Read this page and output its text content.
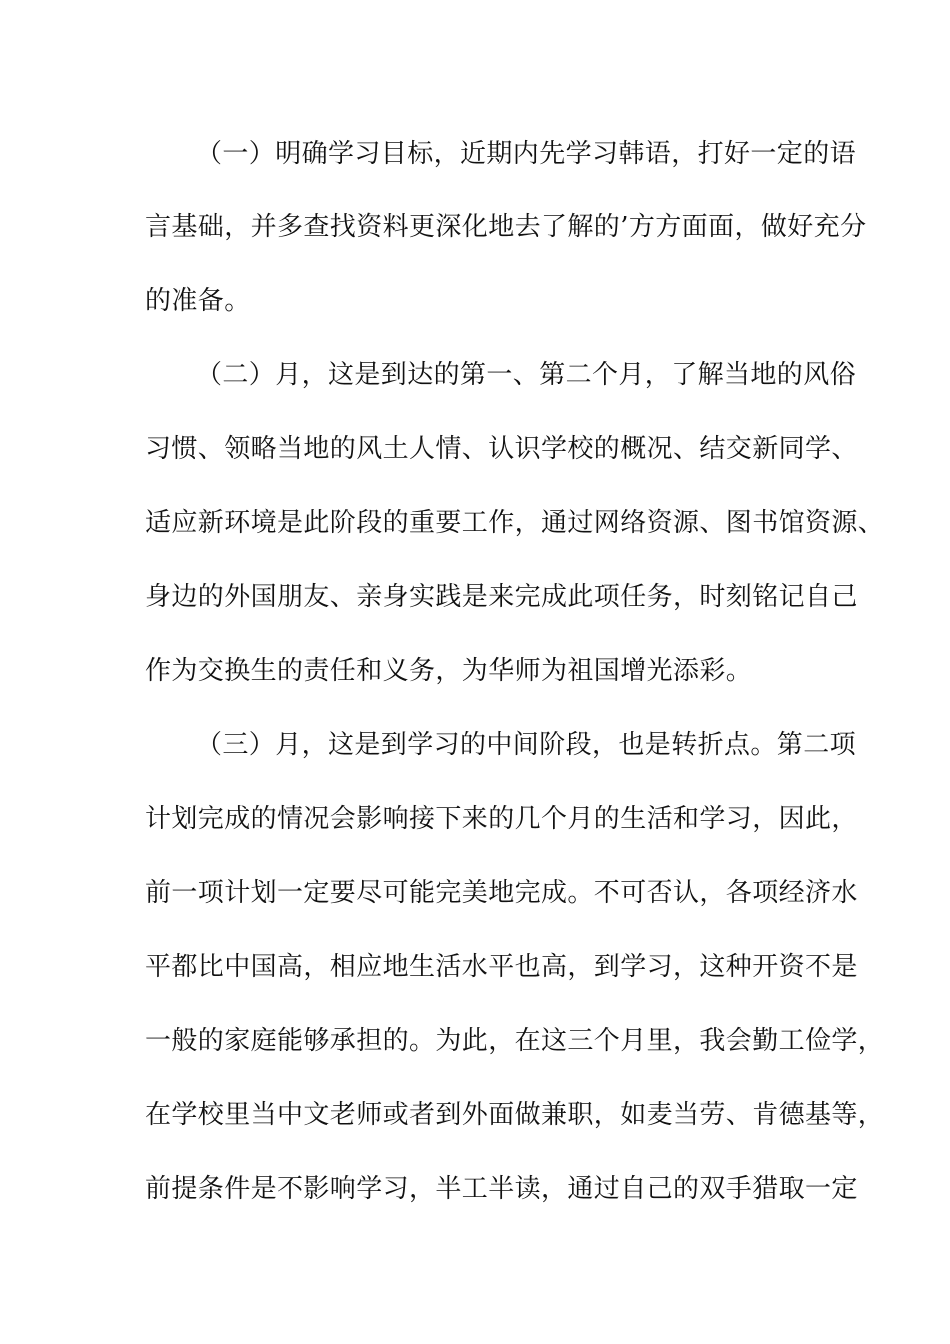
（一）明确学习目标，近期内先学习韩语，打好一定的语
言基础，并多查找资料更深化地去了解的’方方面面，做好充分
的准备。
（二）月，这是到达的第一、第二个月，了解当地的风俗
习惯、领略当地的风土人情、认识学校的概况、结交新同学、
适应新环境是此阶段的重要工作，通过网络资源、图书馆资源、
身边的外国朋友、亲身实践是来完成此项任务，时刻铭记自己
作为交换生的责任和义务，为华师为祖国增光添彩。
（三）月，这是到学习的中间阶段，也是转折点。第二项
计划完成的情况会影响接下来的几个月的生活和学习，因此，
前一项计划一定要尽可能完美地完成。不可否认，各项经济水
平都比中国高，相应地生活水平也高，到学习，这种开资不是
一般的家庭能够承担的。为此，在这三个月里，我会勤工俭学，
在学校里当中文老师或者到外面做兼职，如麦当劳、肯德基等，
前提条件是不影响学习，半工半读，通过自己的双手猎取一定
